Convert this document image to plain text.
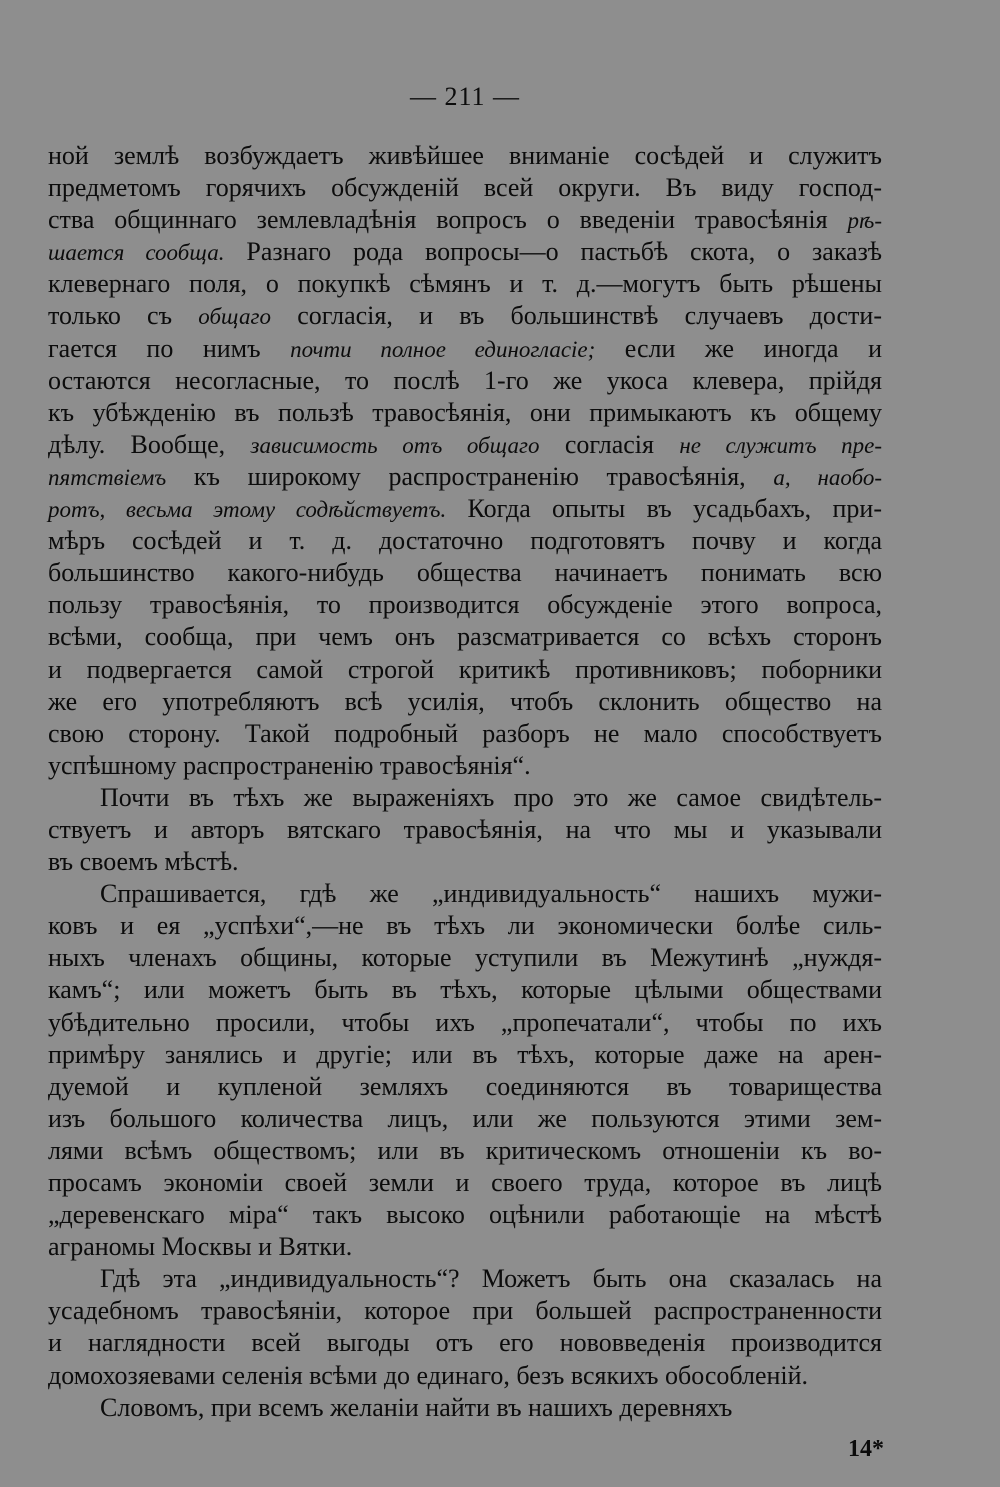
— 211 —
ной землѣ возбуждаетъ живѣйшее вниманіе сосѣдей и служитъ
предметомъ горячихъ обсужденій всей округи. Въ виду господ-
ства общиннаго землевладѣнія вопросъ о введеніи травосѣянія рѣ-
шается сообща. Разнаго рода вопросы—о пастьбѣ скота, о заказѣ
клевернаго поля, о покупкѣ сѣмянъ и т. д.—могутъ быть рѣшены
только съ общаго согласія, и въ большинствѣ случаевъ дости-
гается по нимъ почти полное единогласіе; если же иногда и
остаются несогласные, то послѣ 1-го же укоса клевера, прійдя
къ убѣжденію въ пользѣ травосѣянія, они примыкаютъ къ общему
дѣлу. Вообще, зависимость отъ общаго согласія не служитъ пре-
пятствіемъ къ широкому распространенію травосѣянія, а, наобо-
ротъ, весьма этому содѣйствуетъ. Когда опыты въ усадьбахъ, при-
мѣръ сосѣдей и т. д. достаточно подготовятъ почву и когда
большинство какого-нибудь общества начинаетъ понимать всю
пользу травосѣянія, то производится обсужденіе этого вопроса,
всѣми, сообща, при чемъ онъ разсматривается со всѣхъ сторонъ
и подвергается самой строгой критикѣ противниковъ; поборники
же его употребляютъ всѣ усилія, чтобъ склонить общество на
свою сторону. Такой подробный разборъ не мало способствуетъ
успѣшному распространенію травосѣянія“.
Почти въ тѣхъ же выраженіяхъ про это же самое свидѣтель-
ствуетъ и авторъ вятскаго травосѣянія, на что мы и указывали
въ своемъ мѣстѣ.
Спрашивается, гдѣ же „индивидуальность“ нашихъ мужи-
ковъ и ея „успѣхи“,—не въ тѣхъ ли экономически болѣе силь-
ныхъ членахъ общины, которые уступили въ Межутинѣ „нуждя-
камъ“; или можетъ быть въ тѣхъ, которые цѣлыми обществами
убѣдительно просили, чтобы ихъ „пропечатали“, чтобы по ихъ
примѣру занялись и другіе; или въ тѣхъ, которые даже на арен-
дуемой и купленой земляхъ соединяются въ товарищества
изъ большого количества лицъ, или же пользуются этими зем-
лями всѣмъ обществомъ; или въ критическомъ отношеніи къ во-
просамъ экономіи своей земли и своего труда, которое въ лицѣ
„деревенскаго міра“ такъ высоко оцѣнили работающіе на мѣстѣ
аграномы Москвы и Вятки.
Гдѣ эта „индивидуальность“? Можетъ быть она сказалась на
усадебномъ травосѣяніи, которое при большей распространенности
и наглядности всей выгоды отъ его нововведенія производится
домохозяевами селенія всѣми до единаго, безъ всякихъ обособленій.
Словомъ, при всемъ желаніи найти въ нашихъ деревняхъ
14*
